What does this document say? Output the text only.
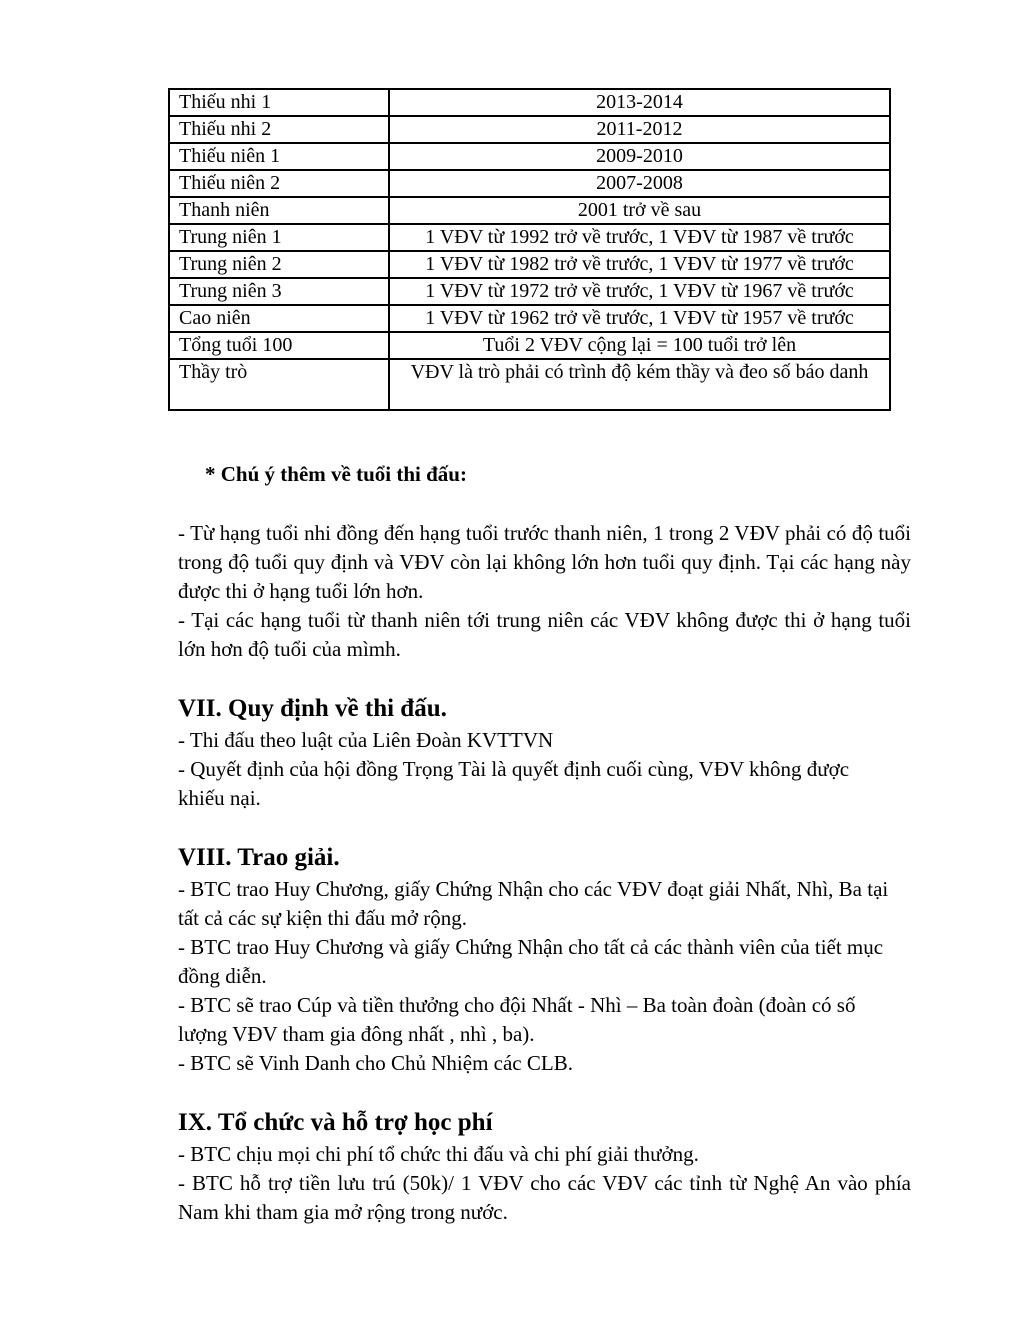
Thiếu nhi 1	2013-2014
Thiếu nhi 2	2011-2012
Thiếu niên 1	2009-2010
Thiếu niên 2	2007-2008
Thanh niên	2001 trở về sau
Trung niên 1	1 VĐV từ 1992 trở về trước, 1 VĐV từ 1987 về trước
Trung niên 2	1 VĐV từ 1982 trở về trước, 1 VĐV từ 1977 về trước
Trung niên 3	1 VĐV từ 1972 trở về trước, 1 VĐV từ 1967 về trước
Cao niên	1 VĐV từ 1962 trở về trước, 1 VĐV từ 1957 về trước
Tổng tuổi 100	Tuổi 2 VĐV cộng lại = 100 tuổi trở lên
Thầy trò	VĐV là trò phải có trình độ kém thầy và đeo số báo danh
* Chú ý thêm về tuổi thi đấu:

- Từ hạng tuổi nhi đồng đến hạng tuổi trước thanh niên, 1 trong 2 VĐV phải có độ tuổi trong độ tuổi quy định và VĐV còn lại không lớn hơn tuổi quy định. Tại các hạng này được thi ở hạng tuổi lớn hơn.

- Tại các hạng tuổi từ thanh niên tới trung niên các VĐV không được thi ở hạng tuổi lớn hơn độ tuổi của mìmh.

VII. Quy định về thi đấu.

- Thi đấu theo luật của Liên Đoàn KVTTVN

- Quyết định của hội đồng Trọng Tài là quyết định cuối cùng, VĐV không được khiếu nại.

VIII. Trao giải.

- BTC trao Huy Chương, giấy Chứng Nhận cho các VĐV đoạt giải Nhất, Nhì, Ba tại tất cả các sự kiện thi đấu mở rộng.

- BTC trao Huy Chương và giấy Chứng Nhận cho tất cả các thành viên của tiết mục đồng diễn.

- BTC sẽ trao Cúp và tiền thưởng cho đội Nhất - Nhì – Ba toàn đoàn (đoàn có số lượng VĐV tham gia đông nhất , nhì , ba).

- BTC sẽ Vinh Danh cho Chủ Nhiệm các CLB.

IX. Tổ chức và hỗ trợ học phí

- BTC chịu mọi chi phí tổ chức thi đấu và chi phí giải thưởng.

- BTC hỗ trợ tiền lưu trú (50k)/ 1 VĐV cho các VĐV các tỉnh từ Nghệ An vào phía Nam khi tham gia mở rộng trong nước.
